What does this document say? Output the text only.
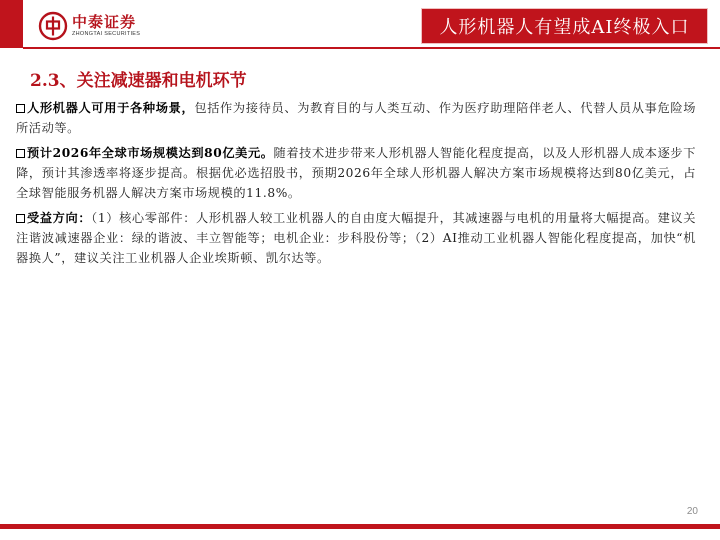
中泰证券
ZHONGTAI SECURITIES	人形机器人有望成AI终极入口
2.3、关注减速器和电机环节

人形机器人可用于各种场景，包括作为接待员、为教育目的与人类互动、作为医疗助理陪伴老人、代替人员从事危险场所活动等。

预计2026年全球市场规模达到80亿美元。随着技术进步带来人形机器人智能化程度提高，以及人形机器人成本逐步下降，预计其渗透率将逐步提高。根据优必选招股书，预期2026年全球人形机器人解决方案市场规模将达到80亿美元，占全球智能服务机器人解决方案市场规模的11.8%。

受益方向：（1）核心零部件：人形机器人较工业机器人的自由度大幅提升，其减速器与电机的用量将大幅提高。建议关注谐波减速器企业：绿的谐波、丰立智能等；电机企业：步科股份等；（2）AI推动工业机器人智能化程度提高，加快“机器换人”，建议关注工业机器人企业埃斯顿、凯尔达等。

20
